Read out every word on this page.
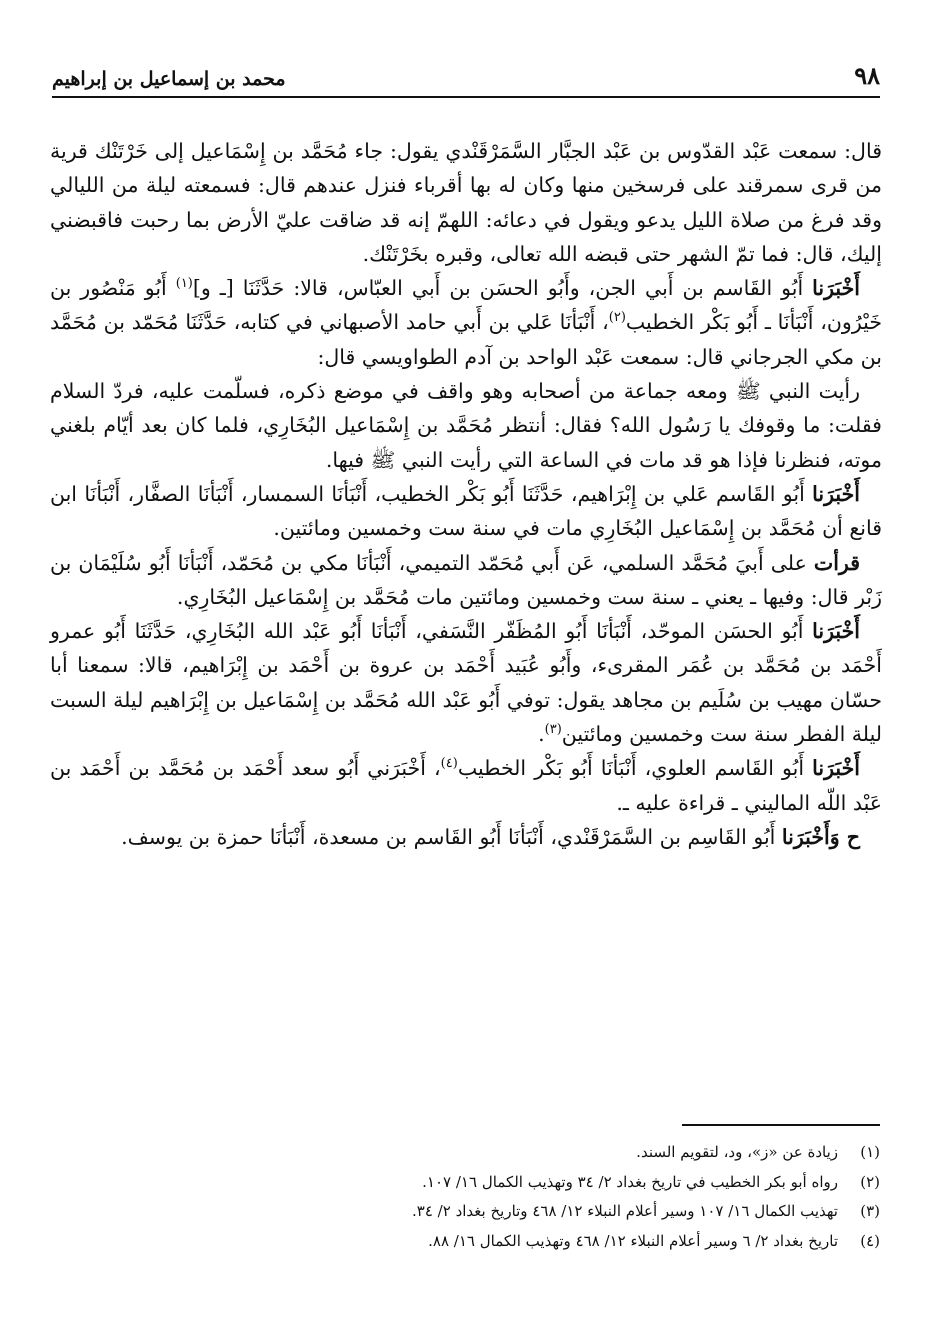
٩٨
محمد بن إسماعيل بن إبراهيم

قال: سمعت عَبْد القدّوس بن عَبْد الجبَّار السَّمَرْقَنْدي يقول: جاء مُحَمَّد بن إِسْمَاعيل إلى خَرْتَنْك قرية من قرى سمرقند على فرسخين منها وكان له بها أقرباء فنزل عندهم قال: فسمعته ليلة من الليالي وقد فرغ من صلاة الليل يدعو ويقول في دعائه: اللهمّ إنه قد ضاقت عليّ الأرض بما رحبت فاقبضني إليك، قال: فما تمّ الشهر حتى قبضه الله تعالى، وقبره بخَرْتَنْك.

أَخْبَرَنا أَبُو القَاسم بن أَبي الجن، وأَبُو الحسَن بن أَبي العبّاس، قالا: حَدَّثَنَا [ـ و]$^{(١)}$ أَبُو مَنْصُور بن خَيْرُون، أَنْبَأنَا ـ أَبُو بَكْر الخطيب$^{(٢)}$، أَنْبَأنَا عَلي بن أَبي حامد الأصبهاني في كتابه، حَدَّثَنَا مُحَمّد بن مُحَمَّد بن مكي الجرجاني قال: سمعت عَبْد الواحد بن آدم الطواويسي قال:

رأيت النبي ﷺ ومعه جماعة من أصحابه وهو واقف في موضع ذكره، فسلّمت عليه، فردّ السلام فقلت: ما وقوفك يا رَسُول الله؟ فقال: أنتظر مُحَمَّد بن إِسْمَاعيل البُخَارِي، فلما كان بعد أيّام بلغني موته، فنظرنا فإذا هو قد مات في الساعة التي رأيت النبي ﷺ فيها.

أَخْبَرَنا أَبُو القَاسم عَلي بن إِبْرَاهيم، حَدَّثَنَا أَبُو بَكْر الخطيب، أَنْبَأنَا السمسار، أَنْبَأنَا الصفَّار، أَنْبَأنَا ابن قانع أن مُحَمَّد بن إِسْمَاعيل البُخَارِي مات في سنة ست وخمسين ومائتين.

قرأت على أَبيَ مُحَمَّد السلمي، عَن أَبي مُحَمّد التميمي، أَنْبَأنَا مكي بن مُحَمّد، أَنْبَأنَا أَبُو سُلَيْمَان بن زَبْر قال: وفيها ـ يعني ـ سنة ست وخمسين ومائتين مات مُحَمَّد بن إِسْمَاعيل البُخَارِي.

أَخْبَرَنا أَبُو الحسَن الموحّد، أَنْبَأنَا أَبُو المُظَفّر النَّسَفي، أَنْبَأنَا أَبُو عَبْد الله البُخَارِي، حَدَّثَنَا أَبُو عمرو أَحْمَد بن مُحَمَّد بن عُمَر المقرىء، وأَبُو عُبَيد أَحْمَد بن عروة بن أَحْمَد بن إِبْرَاهيم، قالا: سمعنا أبا حسّان مهيب بن سُلَيم بن مجاهد يقول: توفي أَبُو عَبْد الله مُحَمَّد بن إِسْمَاعيل بن إِبْرَاهيم ليلة السبت ليلة الفطر سنة ست وخمسين ومائتين$^{(٣)}$.

أَخْبَرَنا أَبُو القَاسم العلوي، أَنْبَأنَا أَبُو بَكْر الخطيب$^{(٤)}$، أَخْبَرَني أَبُو سعد أَحْمَد بن مُحَمَّد بن أَحْمَد بن عَبْد اللّه الماليني ـ قراءة عليه ـ.

ح وَأَخْبَرَنا أَبُو القَاسِم بن السَّمَرْقَنْدي، أَنْبَأنَا أَبُو القَاسم بن مسعدة، أَنْبَأنَا حمزة بن يوسف.

(١)
زيادة عن «ز»، ود، لتقويم السند.
(٢)
رواه أبو بكر الخطيب في تاريخ بغداد ٢/ ٣٤ وتهذيب الكمال ١٦/ ١٠٧.
(٣)
تهذيب الكمال ١٦/ ١٠٧ وسير أعلام النبلاء ١٢/ ٤٦٨ وتاريخ بغداد ٢/ ٣٤.
(٤)
تاريخ بغداد ٢/ ٦ وسير أعلام النبلاء ١٢/ ٤٦٨ وتهذيب الكمال ١٦/ ٨٨.
